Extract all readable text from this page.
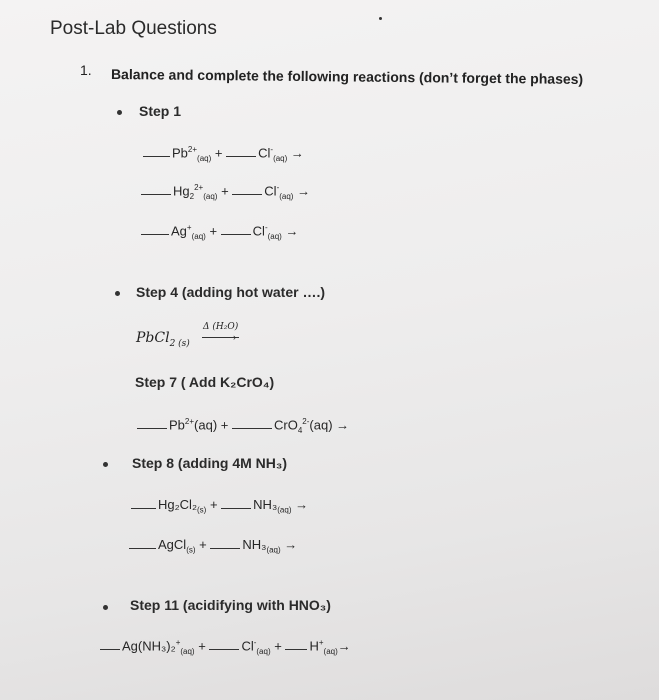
Post-Lab Questions
1. Balance and complete the following reactions (don’t forget the phases)
Step 1
$Pb^{2+}_{(aq)}$ +	$Cl^-_{(aq)}$ →
$Hg_2^{2+}_{(aq)}$ +	$Cl^-_{(aq)}$ →
$Ag^+_{(aq)}$ +	$Cl^-_{(aq)}$ →
Step 4 (adding hot water ….)
PbCl$_{2 (s)}$
Δ (H₂O)
›
Step 7 ( Add K₂CrO₄)
$Pb^{2+}(aq)$ +	CrO$_4^{2-}$(aq) →
Step 8 (adding 4M NH₃)
$Hg_2Cl_2_{(s)}$ +	$NH_3_{(aq)}$ →
AgCl$_{(s)}$ +	$NH_3_{(aq)}$ →
Step 11 (acidifying with HNO₃)
$Ag(NH_3)_2^+_{(aq)}$ +	$Cl^-_{(aq)} + H^+_{(aq)}\to$
